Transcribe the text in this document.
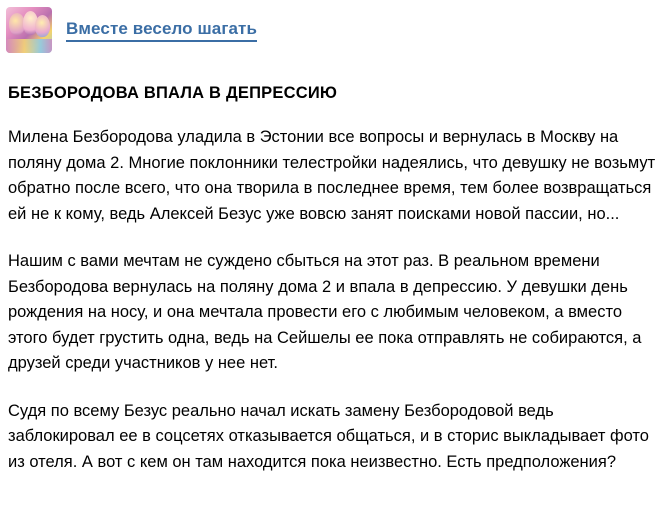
Вместе весело шагать
БЕЗБОРОДОВА ВПАЛА В ДЕПРЕССИЮ

Милена Безбородова уладила в Эстонии все вопросы и вернулась в Москву на поляну дома 2. Многие поклонники телестройки надеялись, что девушку не возьмут обратно после всего, что она творила в последнее время, тем более возвращаться ей не к кому, ведь Алексей Безус уже вовсю занят поисками новой пассии, но...

Нашим с вами мечтам не суждено сбыться на этот раз. В реальном времени Безбородова вернулась на поляну дома 2 и впала в депрессию. У девушки день рождения на носу, и она мечтала провести его с любимым человеком, а вместо этого будет грустить одна, ведь на Сейшелы ее пока отправлять не собираются, а друзей среди участников у нее нет.

Судя по всему Безус реально начал искать замену Безбородовой ведь заблокировал ее в соцсетях отказывается общаться, и в сторис выкладывает фото из отеля. А вот с кем он там находится пока неизвестно. Есть предположения?
